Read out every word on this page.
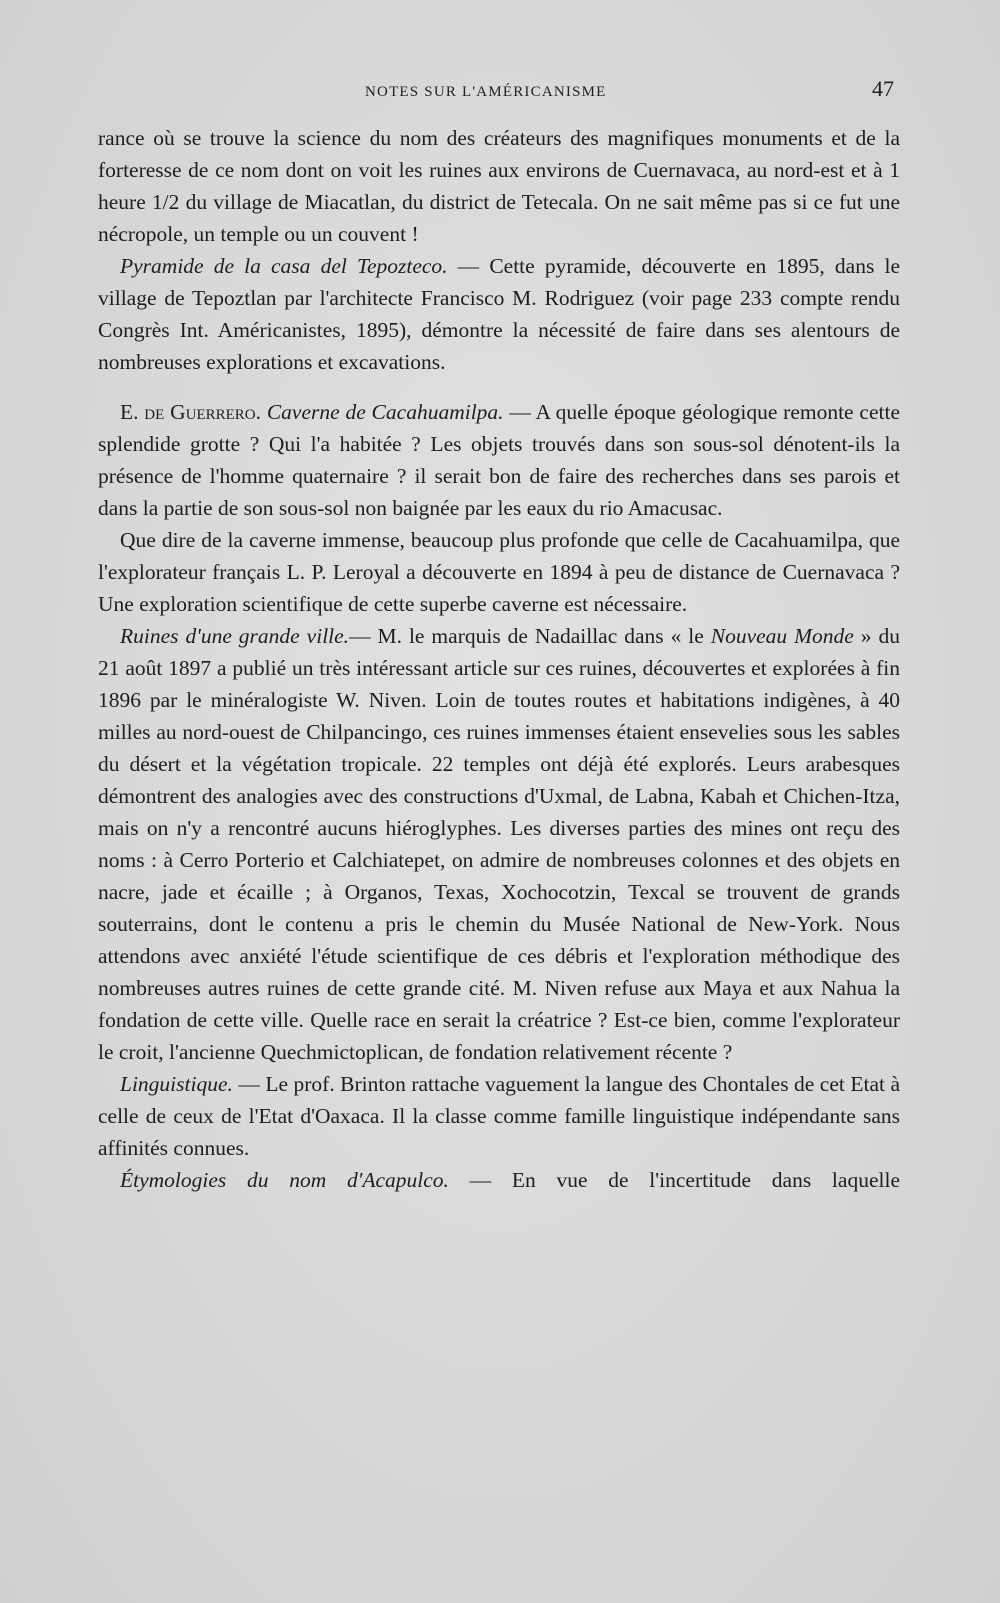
NOTES SUR L'AMÉRICANISME	47

rance où se trouve la science du nom des créateurs des magnifiques monuments et de la forteresse de ce nom dont on voit les ruines aux environs de Cuernavaca, au nord-est et à 1 heure 1/2 du village de Miacatlan, du district de Tetecala. On ne sait même pas si ce fut une nécropole, un temple ou un couvent !

Pyramide de la casa del Tepozteco. — Cette pyramide, découverte en 1895, dans le village de Tepoztlan par l'architecte Francisco M. Rodriguez (voir page 233 compte rendu Congrès Int. Américanistes, 1895), démontre la nécessité de faire dans ses alentours de nombreuses explorations et excavations.

E. de Guerrero. Caverne de Cacahuamilpa. — A quelle époque géologique remonte cette splendide grotte ? Qui l'a habitée ? Les objets trouvés dans son sous-sol dénotent-ils la présence de l'homme quaternaire ? il serait bon de faire des recherches dans ses parois et dans la partie de son sous-sol non baignée par les eaux du rio Amacusac.

Que dire de la caverne immense, beaucoup plus profonde que celle de Cacahuamilpa, que l'explorateur français L. P. Leroyal a découverte en 1894 à peu de distance de Cuernavaca ? Une exploration scientifique de cette superbe caverne est nécessaire.

Ruines d'une grande ville.— M. le marquis de Nadaillac dans « le Nouveau Monde » du 21 août 1897 a publié un très intéressant article sur ces ruines, découvertes et explorées à fin 1896 par le minéralogiste W. Niven. Loin de toutes routes et habitations indigènes, à 40 milles au nord-ouest de Chilpancingo, ces ruines immenses étaient ensevelies sous les sables du désert et la végétation tropicale. 22 temples ont déjà été explorés. Leurs arabesques démontrent des analogies avec des constructions d'Uxmal, de Labna, Kabah et Chichen-Itza, mais on n'y a rencontré aucuns hiéroglyphes. Les diverses parties des mines ont reçu des noms : à Cerro Porterio et Calchiatepet, on admire de nombreuses colonnes et des objets en nacre, jade et écaille ; à Organos, Texas, Xochocotzin, Texcal se trouvent de grands souterrains, dont le contenu a pris le chemin du Musée National de New-York. Nous attendons avec anxiété l'étude scientifique de ces débris et l'exploration méthodique des nombreuses autres ruines de cette grande cité. M. Niven refuse aux Maya et aux Nahua la fondation de cette ville. Quelle race en serait la créatrice ? Est-ce bien, comme l'explorateur le croit, l'ancienne Quechmictoplican, de fondation relativement récente ?

Linguistique. — Le prof. Brinton rattache vaguement la langue des Chontales de cet Etat à celle de ceux de l'Etat d'Oaxaca. Il la classe comme famille linguistique indépendante sans affinités connues.

Étymologies du nom d'Acapulco. — En vue de l'incertitude dans laquelle
